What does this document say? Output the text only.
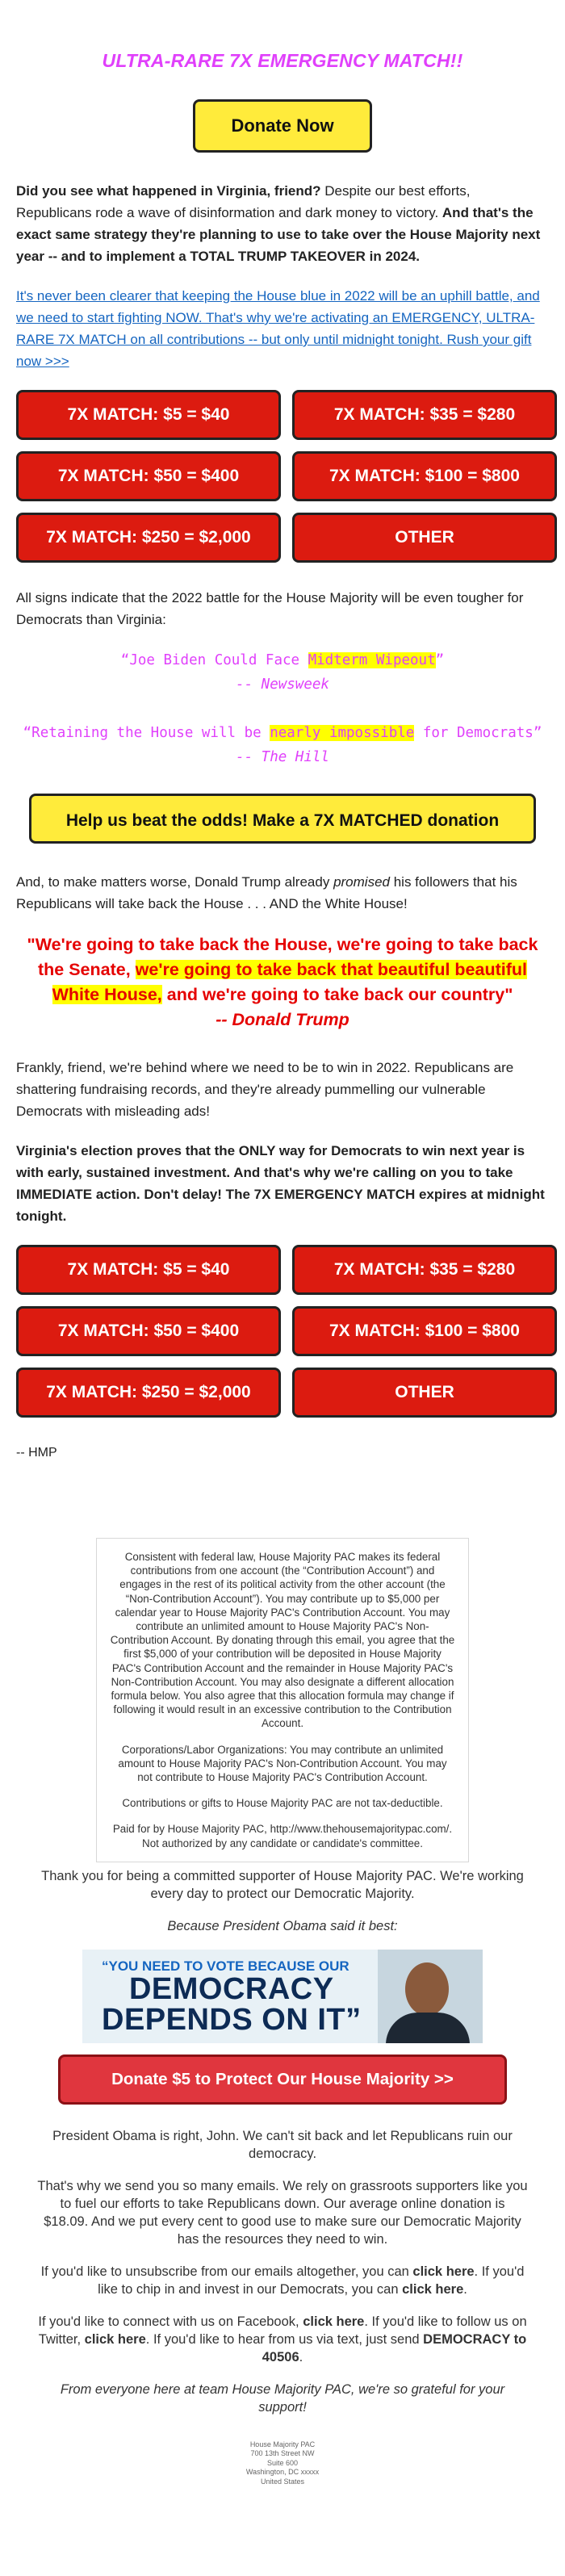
ULTRA-RARE 7X EMERGENCY MATCH!!
Donate Now

Did you see what happened in Virginia, friend? Despite our best efforts, Republicans rode a wave of disinformation and dark money to victory. And that's the exact same strategy they're planning to use to take over the House Majority next year -- and to implement a TOTAL TRUMP TAKEOVER in 2024.

It's never been clearer that keeping the House blue in 2022 will be an uphill battle, and we need to start fighting NOW. That's why we're activating an EMERGENCY, ULTRA-RARE 7X MATCH on all contributions -- but only until midnight tonight. Rush your gift now >>>

7X MATCH: $5 = $40	7X MATCH: $35 = $280
7X MATCH: $50 = $400	7X MATCH: $100 = $800
7X MATCH: $250 = $2,000	OTHER

All signs indicate that the 2022 battle for the House Majority will be even tougher for Democrats than Virginia:

“Joe Biden Could Face Midterm Wipeout”
-- Newsweek
“Retaining the House will be nearly impossible for Democrats”
-- The Hill
Help us beat the odds! Make a 7X MATCHED donation

And, to make matters worse, Donald Trump already promised his followers that his Republicans will take back the House . . . AND the White House!

"We're going to take back the House, we're going to take back the Senate, we're going to take back that beautiful beautiful White House, and we're going to take back our country"
-- Donald Trump

Frankly, friend, we're behind where we need to be to win in 2022. Republicans are shattering fundraising records, and they're already pummelling our vulnerable Democrats with misleading ads!

Virginia's election proves that the ONLY way for Democrats to win next year is with early, sustained investment. And that's why we're calling on you to take IMMEDIATE action. Don't delay! The 7X EMERGENCY MATCH expires at midnight tonight.

7X MATCH: $5 = $40	7X MATCH: $35 = $280
7X MATCH: $50 = $400	7X MATCH: $100 = $800
7X MATCH: $250 = $2,000	OTHER

-- HMP

Consistent with federal law, House Majority PAC makes its federal contributions from one account (the “Contribution Account”) and engages in the rest of its political activity from the other account (the “Non-Contribution Account”). You may contribute up to $5,000 per calendar year to House Majority PAC's Contribution Account. You may contribute an unlimited amount to House Majority PAC's Non-Contribution Account. By donating through this email, you agree that the first $5,000 of your contribution will be deposited in House Majority PAC's Contribution Account and the remainder in House Majority PAC's Non-Contribution Account. You may also designate a different allocation formula below. You also agree that this allocation formula may change if following it would result in an excessive contribution to the Contribution Account.

Corporations/Labor Organizations: You may contribute an unlimited amount to House Majority PAC's Non-Contribution Account. You may not contribute to House Majority PAC's Contribution Account.

Contributions or gifts to House Majority PAC are not tax-deductible.

Paid for by House Majority PAC, http://www.thehousemajoritypac.com/. Not authorized by any candidate or candidate's committee.

Thank you for being a committed supporter of House Majority PAC. We're working every day to protect our Democratic Majority.

Because President Obama said it best:

“YOU NEED TO VOTE BECAUSE OUR
DEMOCRACY
DEPENDS ON IT”
Donate $5 to Protect Our House Majority >>

President Obama is right, John. We can't sit back and let Republicans ruin our democracy.

That's why we send you so many emails. We rely on grassroots supporters like you to fuel our efforts to take Republicans down. Our average online donation is $18.09. And we put every cent to good use to make sure our Democratic Majority has the resources they need to win.

If you'd like to unsubscribe from our emails altogether, you can click here. If you'd like to chip in and invest in our Democrats, you can click here.

If you'd like to connect with us on Facebook, click here. If you'd like to follow us on Twitter, click here. If you'd like to hear from us via text, just send DEMOCRACY to 40506.

From everyone here at team House Majority PAC, we're so grateful for your support!

House Majority PAC
700 13th Street NW
Suite 600
Washington, DC xxxxx
United States
